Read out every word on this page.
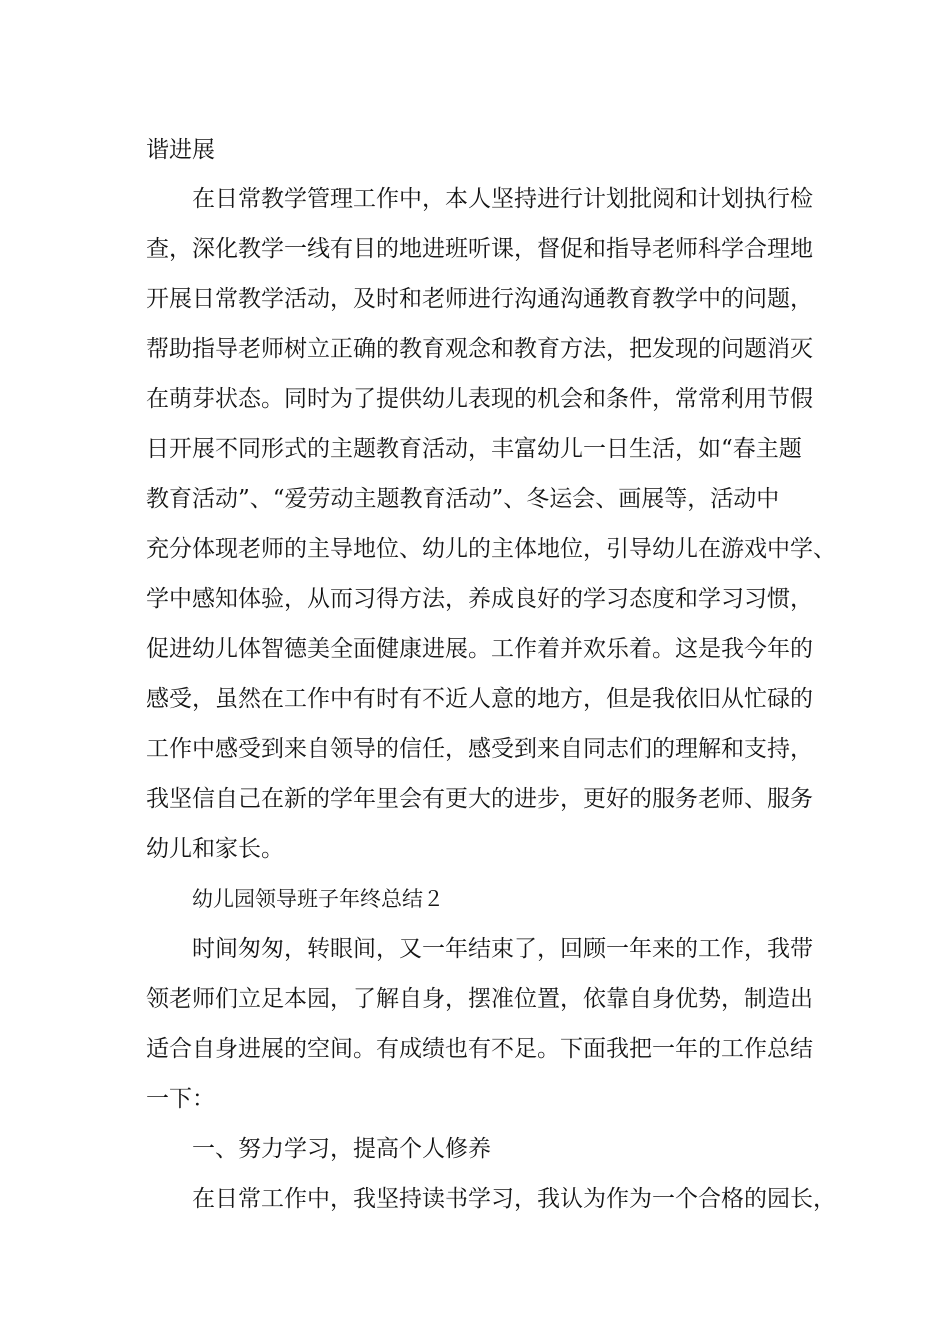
谐进展

在日常教学管理工作中，本人坚持进行计划批阅和计划执行检

查，深化教学一线有目的地进班听课，督促和指导老师科学合理地

开展日常教学活动，及时和老师进行沟通沟通教育教学中的问题，

帮助指导老师树立正确的教育观念和教育方法，把发现的问题消灭

在萌芽状态。同时为了提供幼儿表现的机会和条件，常常利用节假

日开展不同形式的主题教育活动，丰富幼儿一日生活，如“春主题

教育活动”、“爱劳动主题教育活动”、冬运会、画展等，活动中

充分体现老师的主导地位、幼儿的主体地位，引导幼儿在游戏中学、

学中感知体验，从而习得方法，养成良好的学习态度和学习习惯，

促进幼儿体智德美全面健康进展。工作着并欢乐着。这是我今年的

感受，虽然在工作中有时有不近人意的地方，但是我依旧从忙碌的

工作中感受到来自领导的信任，感受到来自同志们的理解和支持，

我坚信自己在新的学年里会有更大的进步，更好的服务老师、服务

幼儿和家长。

幼儿园领导班子年终总结２

时间匆匆，转眼间，又一年结束了，回顾一年来的工作，我带

领老师们立足本园，了解自身，摆准位置，依靠自身优势，制造出

适合自身进展的空间。有成绩也有不足。下面我把一年的工作总结

一下：

一、努力学习，提高个人修养

在日常工作中，我坚持读书学习，我认为作为一个合格的园长，
